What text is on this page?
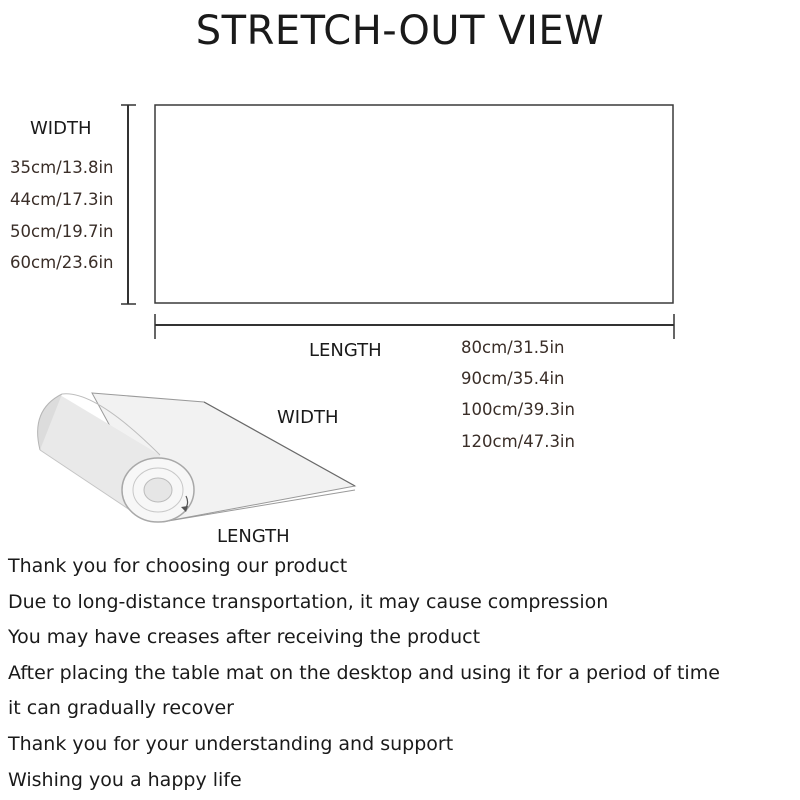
STRETCH-OUT VIEW
WIDTH
35cm/13.8in
44cm/17.3in
50cm/19.7in
60cm/23.6in
LENGTH	80cm/31.5in
90cm/35.4in
100cm/39.3in
120cm/47.3in
WIDTH
LENGTH
Thank you for choosing our product
Due to long-distance transportation, it may cause compression
You may have creases after receiving the product
After placing the table mat on the desktop and using it for a period of time
it can gradually recover
Thank you for your understanding and support
Wishing you a happy life
